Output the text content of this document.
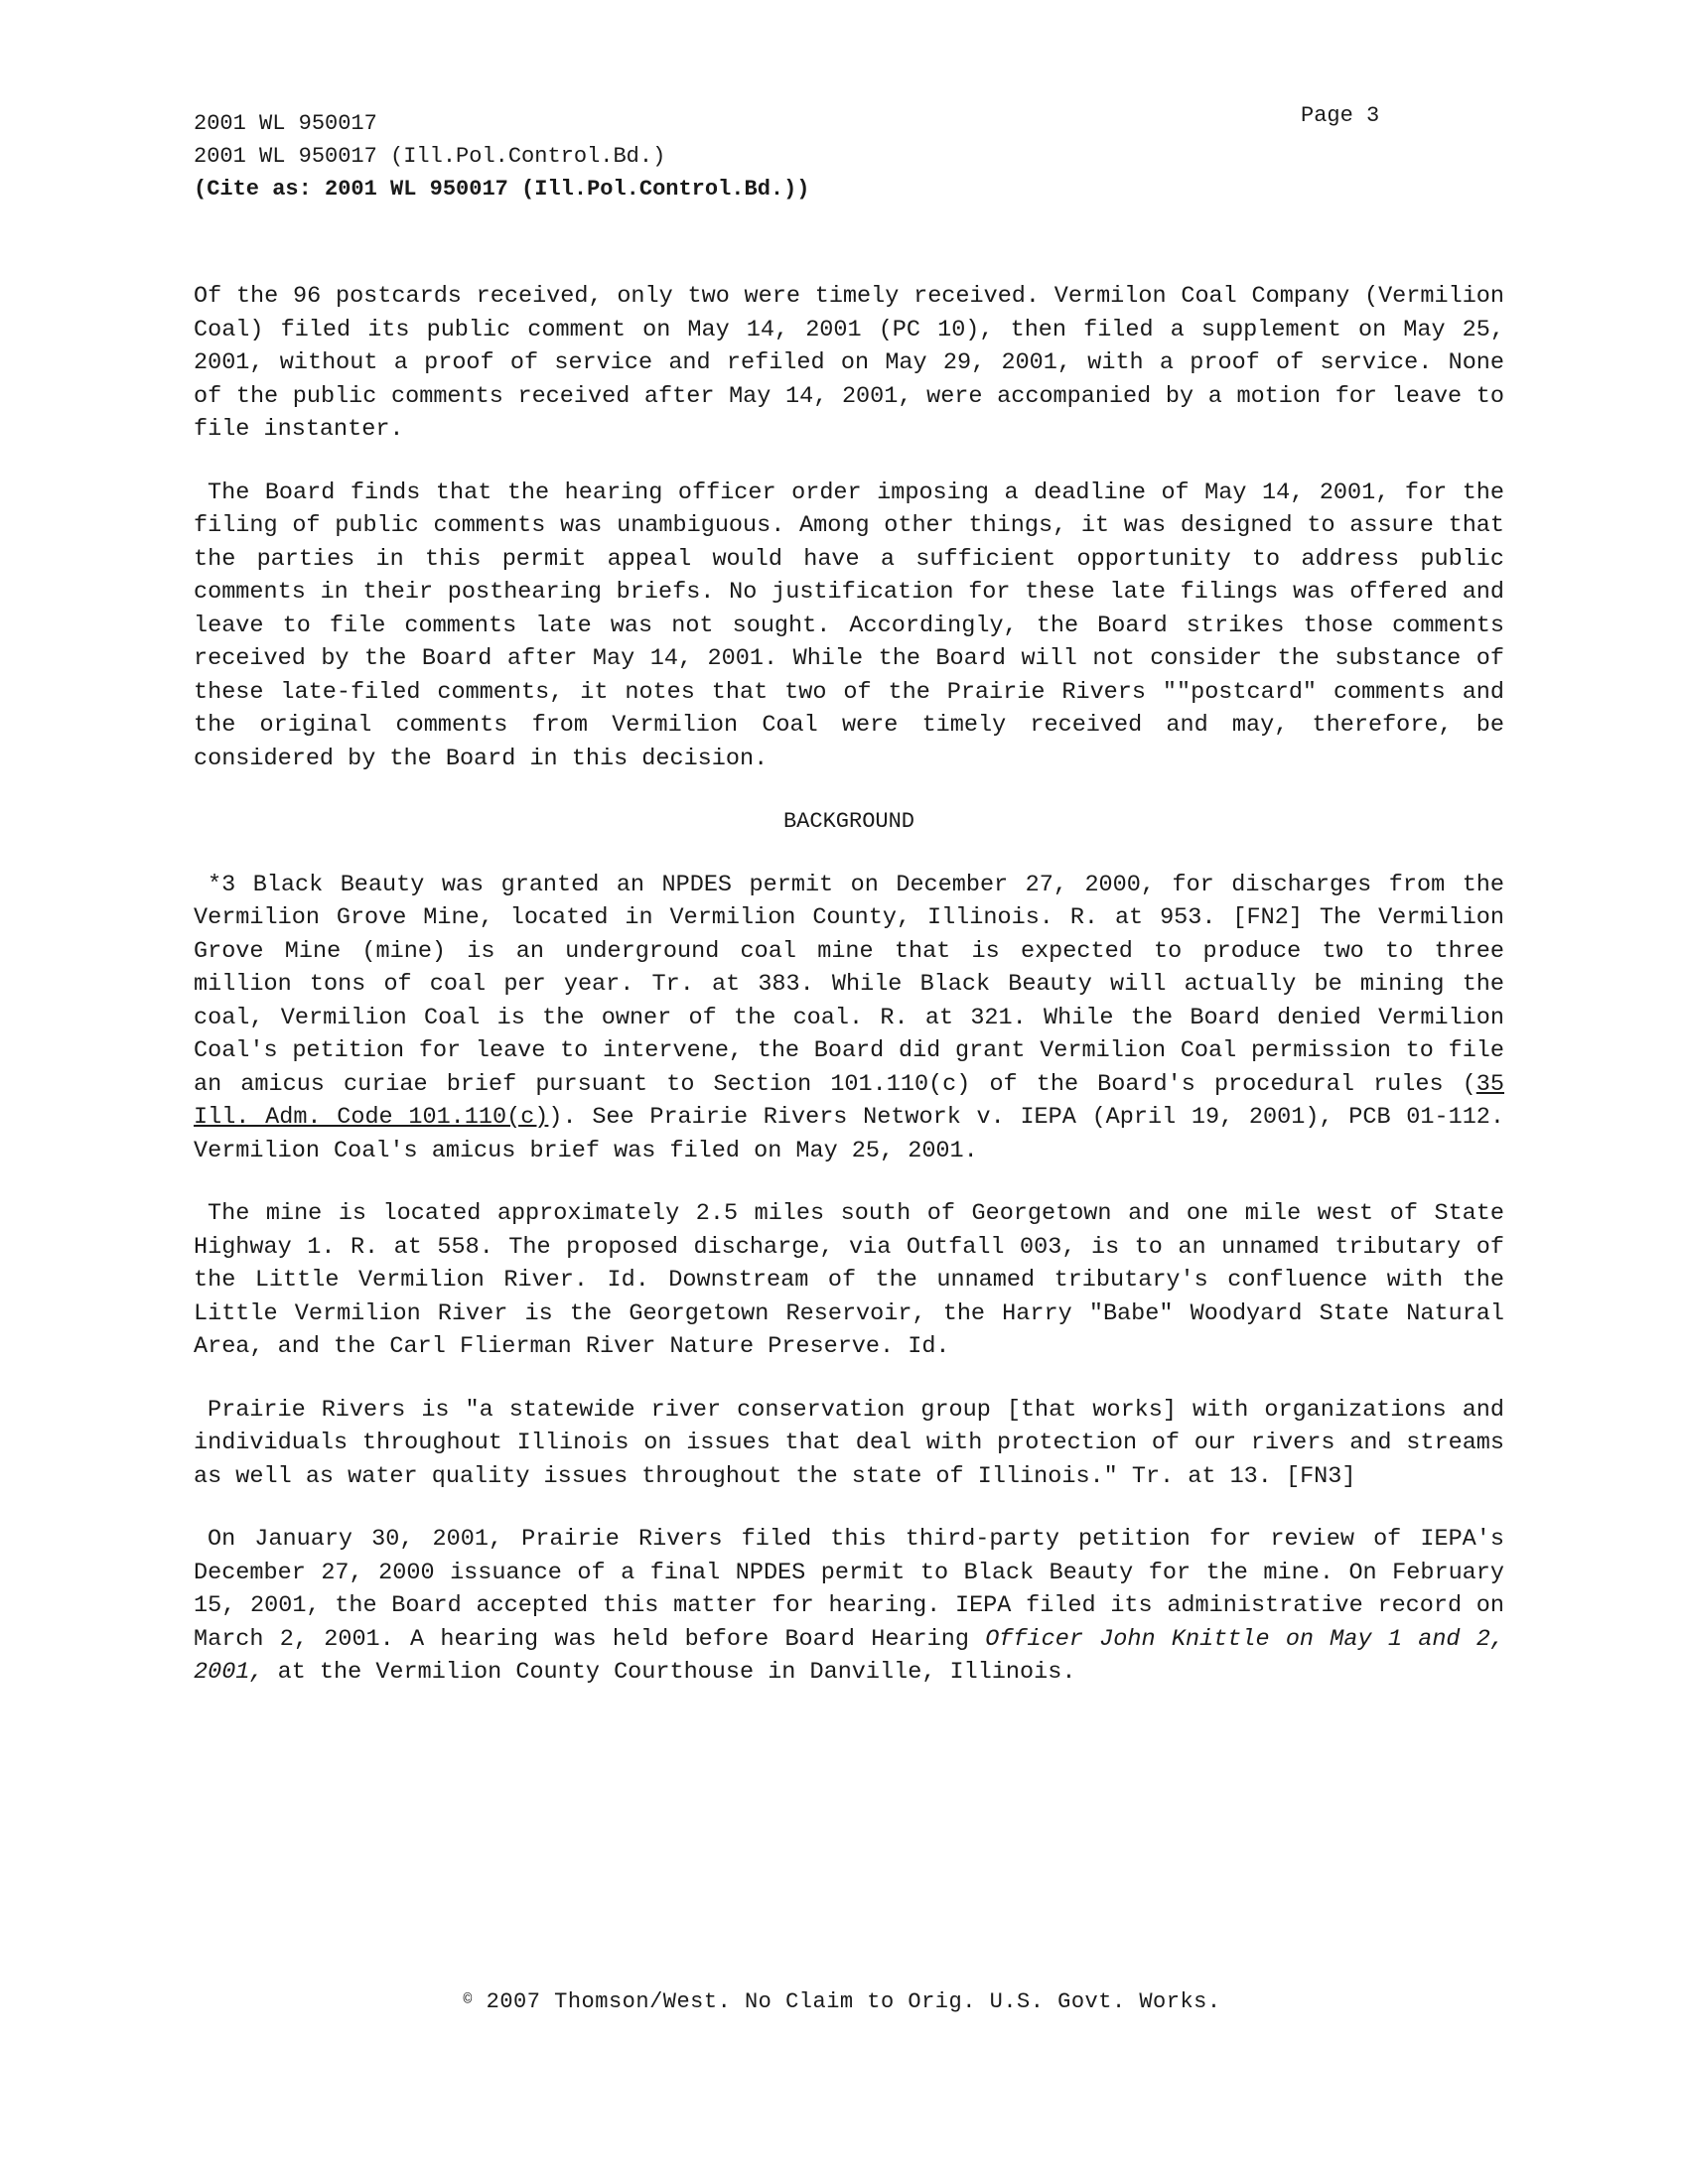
2001 WL 950017
2001 WL 950017 (Ill.Pol.Control.Bd.)
(Cite as: 2001 WL 950017 (Ill.Pol.Control.Bd.))
Page 3

Of the 96 postcards received, only two were timely received. Vermilon Coal Company (Vermilion Coal) filed its public comment on May 14, 2001 (PC 10), then filed a supplement on May 25, 2001, without a proof of service and refiled on May 29, 2001, with a proof of service. None of the public comments received after May 14, 2001, were accompanied by a motion for leave to file instanter.

The Board finds that the hearing officer order imposing a deadline of May 14, 2001, for the filing of public comments was unambiguous. Among other things, it was designed to assure that the parties in this permit appeal would have a sufficient opportunity to address public comments in their posthearing briefs. No justification for these late filings was offered and leave to file comments late was not sought. Accordingly, the Board strikes those comments received by the Board after May 14, 2001. While the Board will not consider the substance of these late-filed comments, it notes that two of the Prairie Rivers ""postcard" comments and the original comments from Vermilion Coal were timely received and may, therefore, be considered by the Board in this decision.

BACKGROUND

*3 Black Beauty was granted an NPDES permit on December 27, 2000, for discharges from the Vermilion Grove Mine, located in Vermilion County, Illinois. R. at 953. [FN2] The Vermilion Grove Mine (mine) is an underground coal mine that is expected to produce two to three million tons of coal per year. Tr. at 383. While Black Beauty will actually be mining the coal, Vermilion Coal is the owner of the coal. R. at 321. While the Board denied Vermilion Coal's petition for leave to intervene, the Board did grant Vermilion Coal permission to file an amicus curiae brief pursuant to Section 101.110(c) of the Board's procedural rules (35 Ill. Adm. Code 101.110(c)). See Prairie Rivers Network v. IEPA (April 19, 2001), PCB 01-112. Vermilion Coal's amicus brief was filed on May 25, 2001.

The mine is located approximately 2.5 miles south of Georgetown and one mile west of State Highway 1. R. at 558. The proposed discharge, via Outfall 003, is to an unnamed tributary of the Little Vermilion River. Id. Downstream of the unnamed tributary's confluence with the Little Vermilion River is the Georgetown Reservoir, the Harry "Babe" Woodyard State Natural Area, and the Carl Flierman River Nature Preserve. Id.

Prairie Rivers is "a statewide river conservation group [that works] with organizations and individuals throughout Illinois on issues that deal with protection of our rivers and streams as well as water quality issues throughout the state of Illinois." Tr. at 13. [FN3]

On January 30, 2001, Prairie Rivers filed this third-party petition for review of IEPA's December 27, 2000 issuance of a final NPDES permit to Black Beauty for the mine. On February 15, 2001, the Board accepted this matter for hearing. IEPA filed its administrative record on March 2, 2001. A hearing was held before Board Hearing Officer John Knittle on May 1 and 2, 2001, at the Vermilion County Courthouse in Danville, Illinois.

© 2007 Thomson/West. No Claim to Orig. U.S. Govt. Works.
